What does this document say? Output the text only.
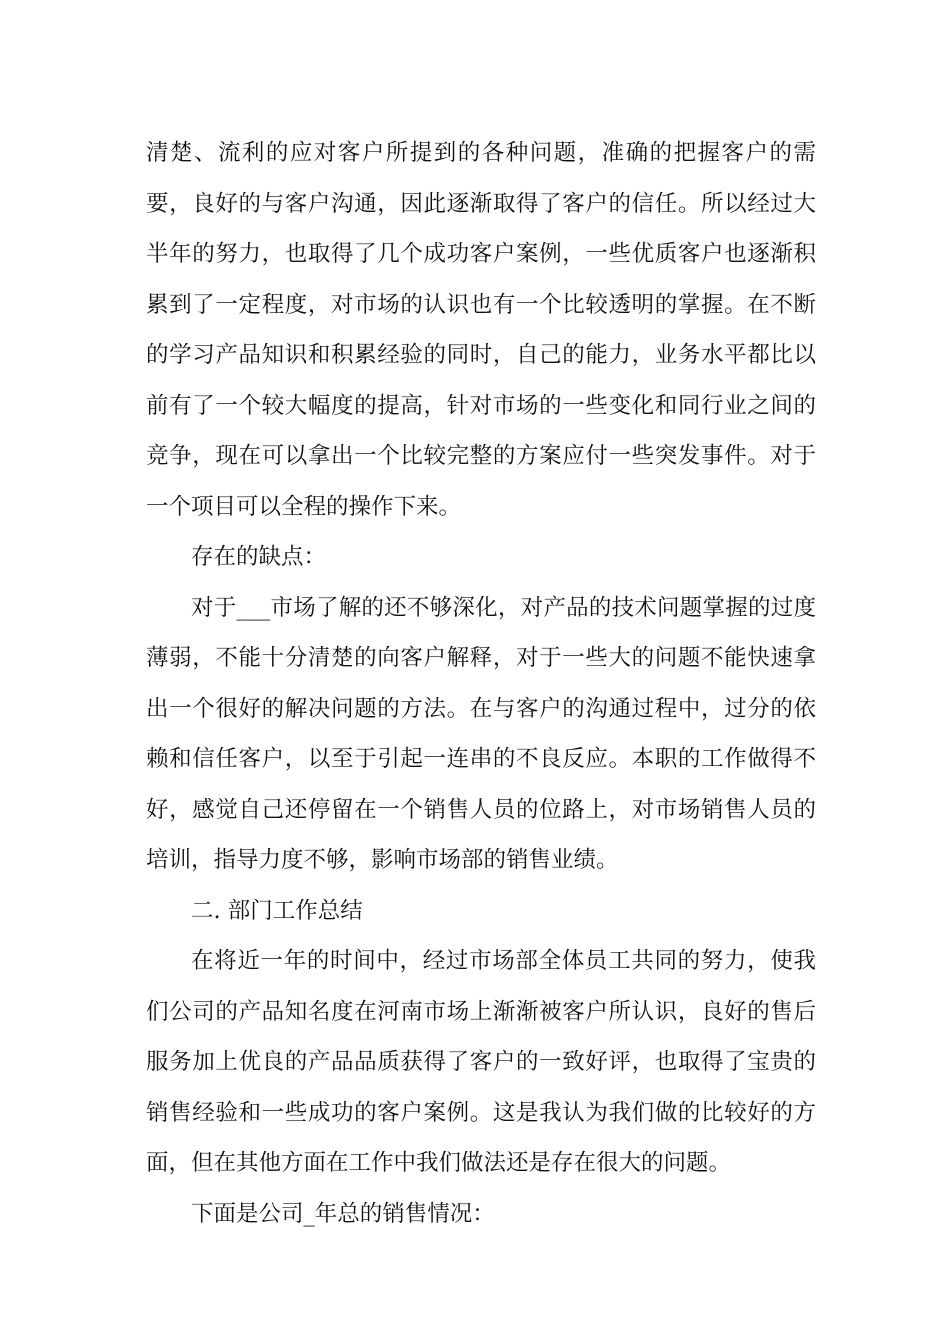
清楚、流利的应对客户所提到的各种问题，准确的把握客户的需要，良好的与客户沟通，因此逐渐取得了客户的信任。所以经过大半年的努力，也取得了几个成功客户案例，一些优质客户也逐渐积累到了一定程度，对市场的认识也有一个比较透明的掌握。在不断的学习产品知识和积累经验的同时，自己的能力，业务水平都比以前有了一个较大幅度的提高，针对市场的一些变化和同行业之间的竞争，现在可以拿出一个比较完整的方案应付一些突发事件。对于一个项目可以全程的操作下来。

存在的缺点：

对于___市场了解的还不够深化，对产品的技术问题掌握的过度薄弱，不能十分清楚的向客户解释，对于一些大的问题不能快速拿出一个很好的解决问题的方法。在与客户的沟通过程中，过分的依赖和信任客户，以至于引起一连串的不良反应。本职的工作做得不好，感觉自己还停留在一个销售人员的位路上，对市场销售人员的培训，指导力度不够，影响市场部的销售业绩。

二. 部门工作总结

在将近一年的时间中，经过市场部全体员工共同的努力，使我们公司的产品知名度在河南市场上渐渐被客户所认识，良好的售后服务加上优良的产品品质获得了客户的一致好评，也取得了宝贵的销售经验和一些成功的客户案例。这是我认为我们做的比较好的方面，但在其他方面在工作中我们做法还是存在很大的问题。

下面是公司_年总的销售情况：
